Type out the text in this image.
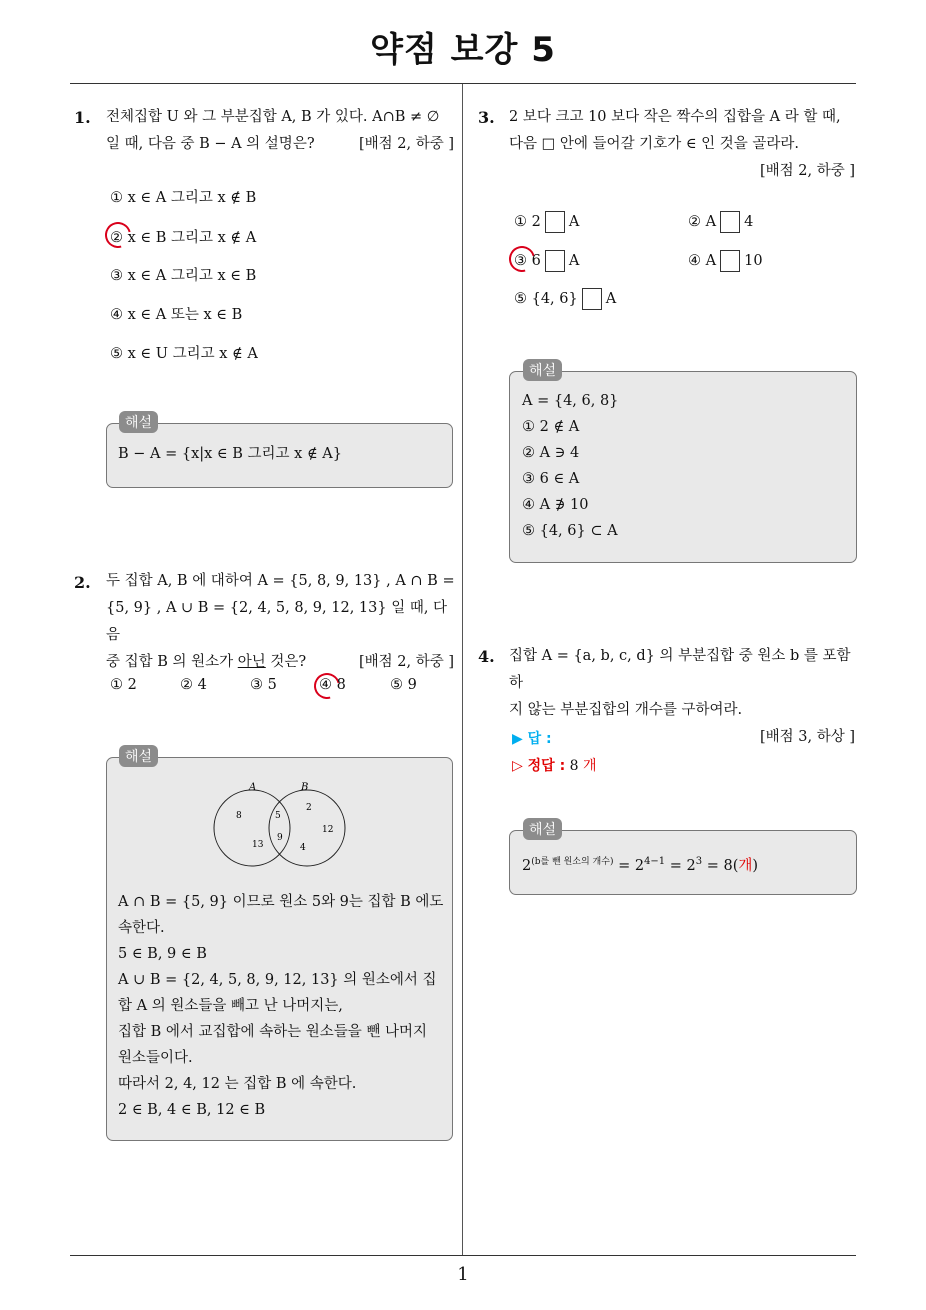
약점 보강 5
1
1. 전체집합 U 와 그 부분집합 A, B 가 있다. A∩B ≠ ∅
일 때, 다음 중 B − A 의 설명은?	[배점 2, 하중 ]
① x ∈ A 그리고 x ∉ B
② x ∈ B 그리고 x ∉ A
③ x ∈ A 그리고 x ∈ B
④ x ∈ A 또는 x ∈ B
⑤ x ∈ U 그리고 x ∉ A
해설
B − A = {x|x ∈ B 그리고 x ∉ A}
2. 두 집합 A, B 에 대하여 A = {5, 8, 9, 13} , A ∩ B =
{5, 9} , A ∪ B = {2, 4, 5, 8, 9, 12, 13} 일 때, 다음
중 집합 B 의 원소가 아닌 것은?	[배점 2, 하중 ]
① 2	② 4	③ 5	④ 8	⑤ 9
해설
A	B
8
13
5
9
2
12
4
A ∩ B = {5, 9} 이므로 원소 5와 9는 집합 B 에도
속한다.
5 ∈ B, 9 ∈ B
A ∪ B = {2, 4, 5, 8, 9, 12, 13} 의 원소에서 집
합 A 의 원소들을 빼고 난 나머지는,
집합 B 에서 교집합에 속하는 원소들을 뺀 나머지
원소들이다.
따라서 2, 4, 12 는 집합 B 에 속한다.
2 ∈ B, 4 ∈ B, 12 ∈ B
3. 2 보다 크고 10 보다 작은 짝수의 집합을 A 라 할 때,
다음 □ 안에 들어갈 기호가 ∈ 인 것을 골라라.
[배점 2, 하중 ]
① 2 A	② A 4
③ 6 A	④ A 10
⑤ {4, 6} A
해설
A = {4, 6, 8}
① 2 ∉ A
② A ∋ 4
③ 6 ∈ A
④ A ∌ 10
⑤ {4, 6} ⊂ A
4. 집합 A = {a, b, c, d} 의 부분집합 중 원소 b 를 포함하
지 않는 부분집합의 개수를 구하여라.
[배점 3, 하상 ]
▶ 답 :
▷ 정답 : 8 개
해설
$2^{(b를 뺀 원소의 개수)} = 2^{4-1} = 2^3 = 8$(개)
